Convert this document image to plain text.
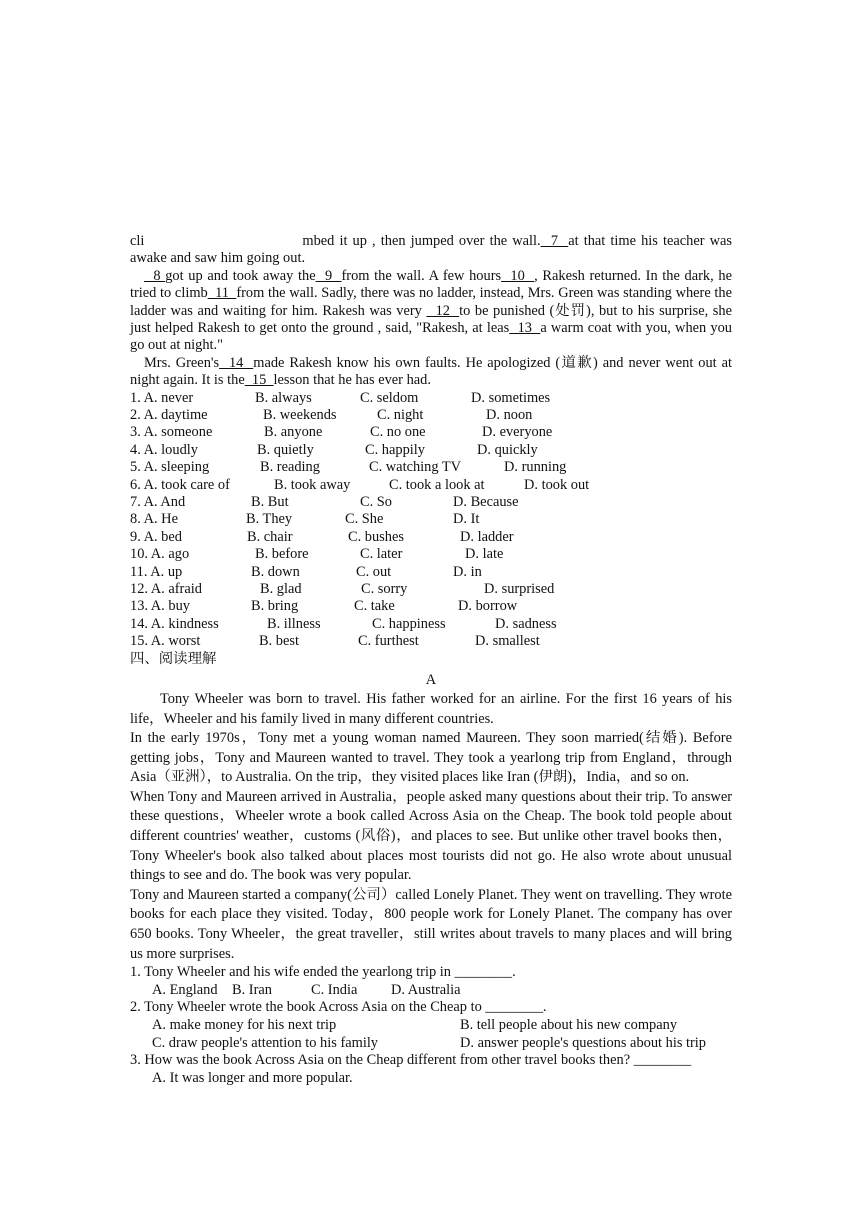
cli	mbed it up , then jumped over the wall.  7  at that time his teacher was

awake and saw him going out.

8 got up and took away the  9  from the wall. A few hours  10  , Rakesh returned. In the dark, he tried to climb  11  from the wall. Sadly, there was no ladder, instead, Mrs. Green was standing where the ladder was and waiting for him. Rakesh was very   12  to be punished (处罚), but to his surprise, she just helped Rakesh to get onto the ground , said, "Rakesh, at leas  13  a warm coat with you, when you go out at night."

Mrs. Green's  14  made Rakesh know his own faults. He apologized (道歉) and never went out at night again. It is the  15  lesson that he has ever had.

1. A. never	B. always	C. seldom	D. sometimes
2. A. daytime	B. weekends	C. night	D. noon
3. A. someone	B. anyone	C. no one	D. everyone
4. A. loudly	B. quietly	C. happily	D. quickly
5. A. sleeping	B. reading	C. watching TV	D. running
6. A. took care of	B. took away	C. took a look at	D. took out
7. A. And	B. But	C. So	D. Because
8. A. He	B. They	C. She	D. It
9. A. bed	B. chair	C. bushes	D. ladder
10. A. ago	B. before	C. later	D. late
11. A. up	B. down	C. out	D. in
12. A. afraid	B. glad	C. sorry	D. surprised
13. A. buy	B. bring	C. take	D. borrow
14. A. kindness	B. illness	C. happiness	D. sadness
15. A. worst	B. best	C. furthest	D. smallest
四、阅读理解
A

Tony Wheeler was born to travel. His father worked for an airline. For the first 16 years of his life，Wheeler and his family lived in many different countries.

In the early 1970s，Tony met a young woman named Maureen. They soon married(结婚). Before getting jobs，Tony and Maureen wanted to travel. They took a yearlong trip from England，through Asia（亚洲），to Australia. On the trip，they visited places like Iran (伊朗)，India，and so on.

When Tony and Maureen arrived in Australia，people asked many questions about their trip. To answer these questions，Wheeler wrote a book called Across Asia on the Cheap. The book told people about different countries' weather，customs (风俗)，and places to see. But unlike other travel books then，Tony Wheeler's book also talked about places most tourists did not go. He also wrote about unusual things to see and do. The book was very popular.

Tony and Maureen started a company(公司）called Lonely Planet. They went on travelling. They wrote books for each place they visited. Today，800 people work for Lonely Planet. The company has over 650 books. Tony Wheeler，the great traveller，still writes about travels to many places and will bring us more surprises.

1. Tony Wheeler and his wife ended the yearlong trip in ________.
A. England B. Iran	C. India D. Australia
2. Tony Wheeler wrote the book Across Asia on the Cheap to ________.
A. make money for his next trip	B. tell people about his new company
C. draw people's attention to his family	D. answer people's questions about his trip
3. How was the book Across Asia on the Cheap different from other travel books then? ________
A. It was longer and more popular.
